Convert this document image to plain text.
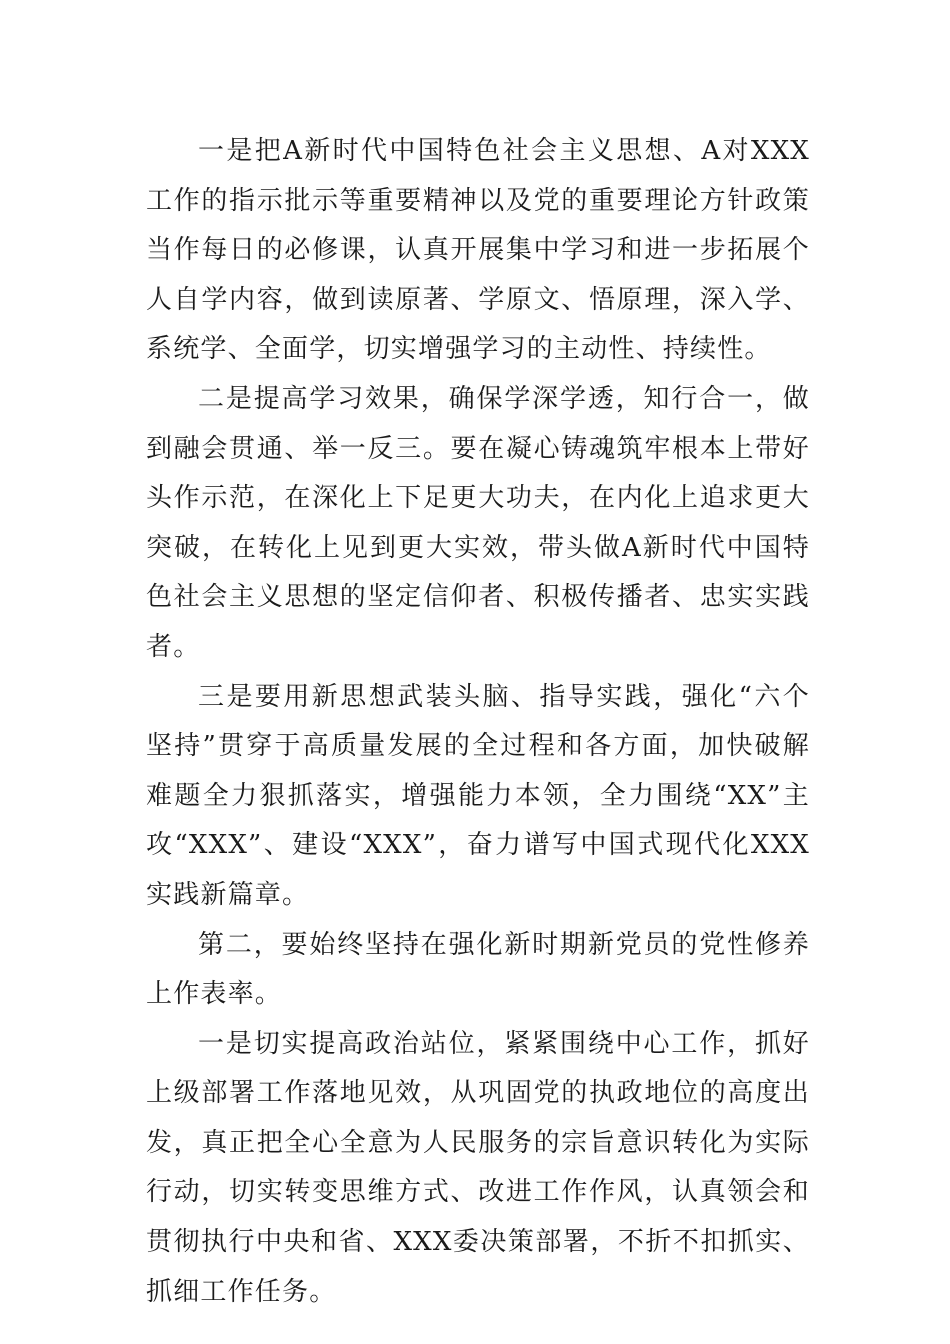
一是把A新时代中国特色社会主义思想、A对XXX工作的指示批示等重要精神以及党的重要理论方针政策当作每日的必修课，认真开展集中学习和进一步拓展个人自学内容，做到读原著、学原文、悟原理，深入学、系统学、全面学，切实增强学习的主动性、持续性。

二是提高学习效果，确保学深学透，知行合一，做到融会贯通、举一反三。要在凝心铸魂筑牢根本上带好头作示范，在深化上下足更大功夫，在内化上追求更大突破，在转化上见到更大实效，带头做A新时代中国特色社会主义思想的坚定信仰者、积极传播者、忠实实践者。

三是要用新思想武装头脑、指导实践，强化“六个坚持”贯穿于高质量发展的全过程和各方面，加快破解难题全力狠抓落实，增强能力本领，全力围绕“XX”主攻“XXX”、建设“XXX”，奋力谱写中国式现代化XXX实践新篇章。

第二，要始终坚持在强化新时期新党员的党性修养上作表率。

一是切实提高政治站位，紧紧围绕中心工作，抓好上级部署工作落地见效，从巩固党的执政地位的高度出发，真正把全心全意为人民服务的宗旨意识转化为实际行动，切实转变思维方式、改进工作作风，认真领会和贯彻执行中央和省、XXX委决策部署，不折不扣抓实、抓细工作任务。
